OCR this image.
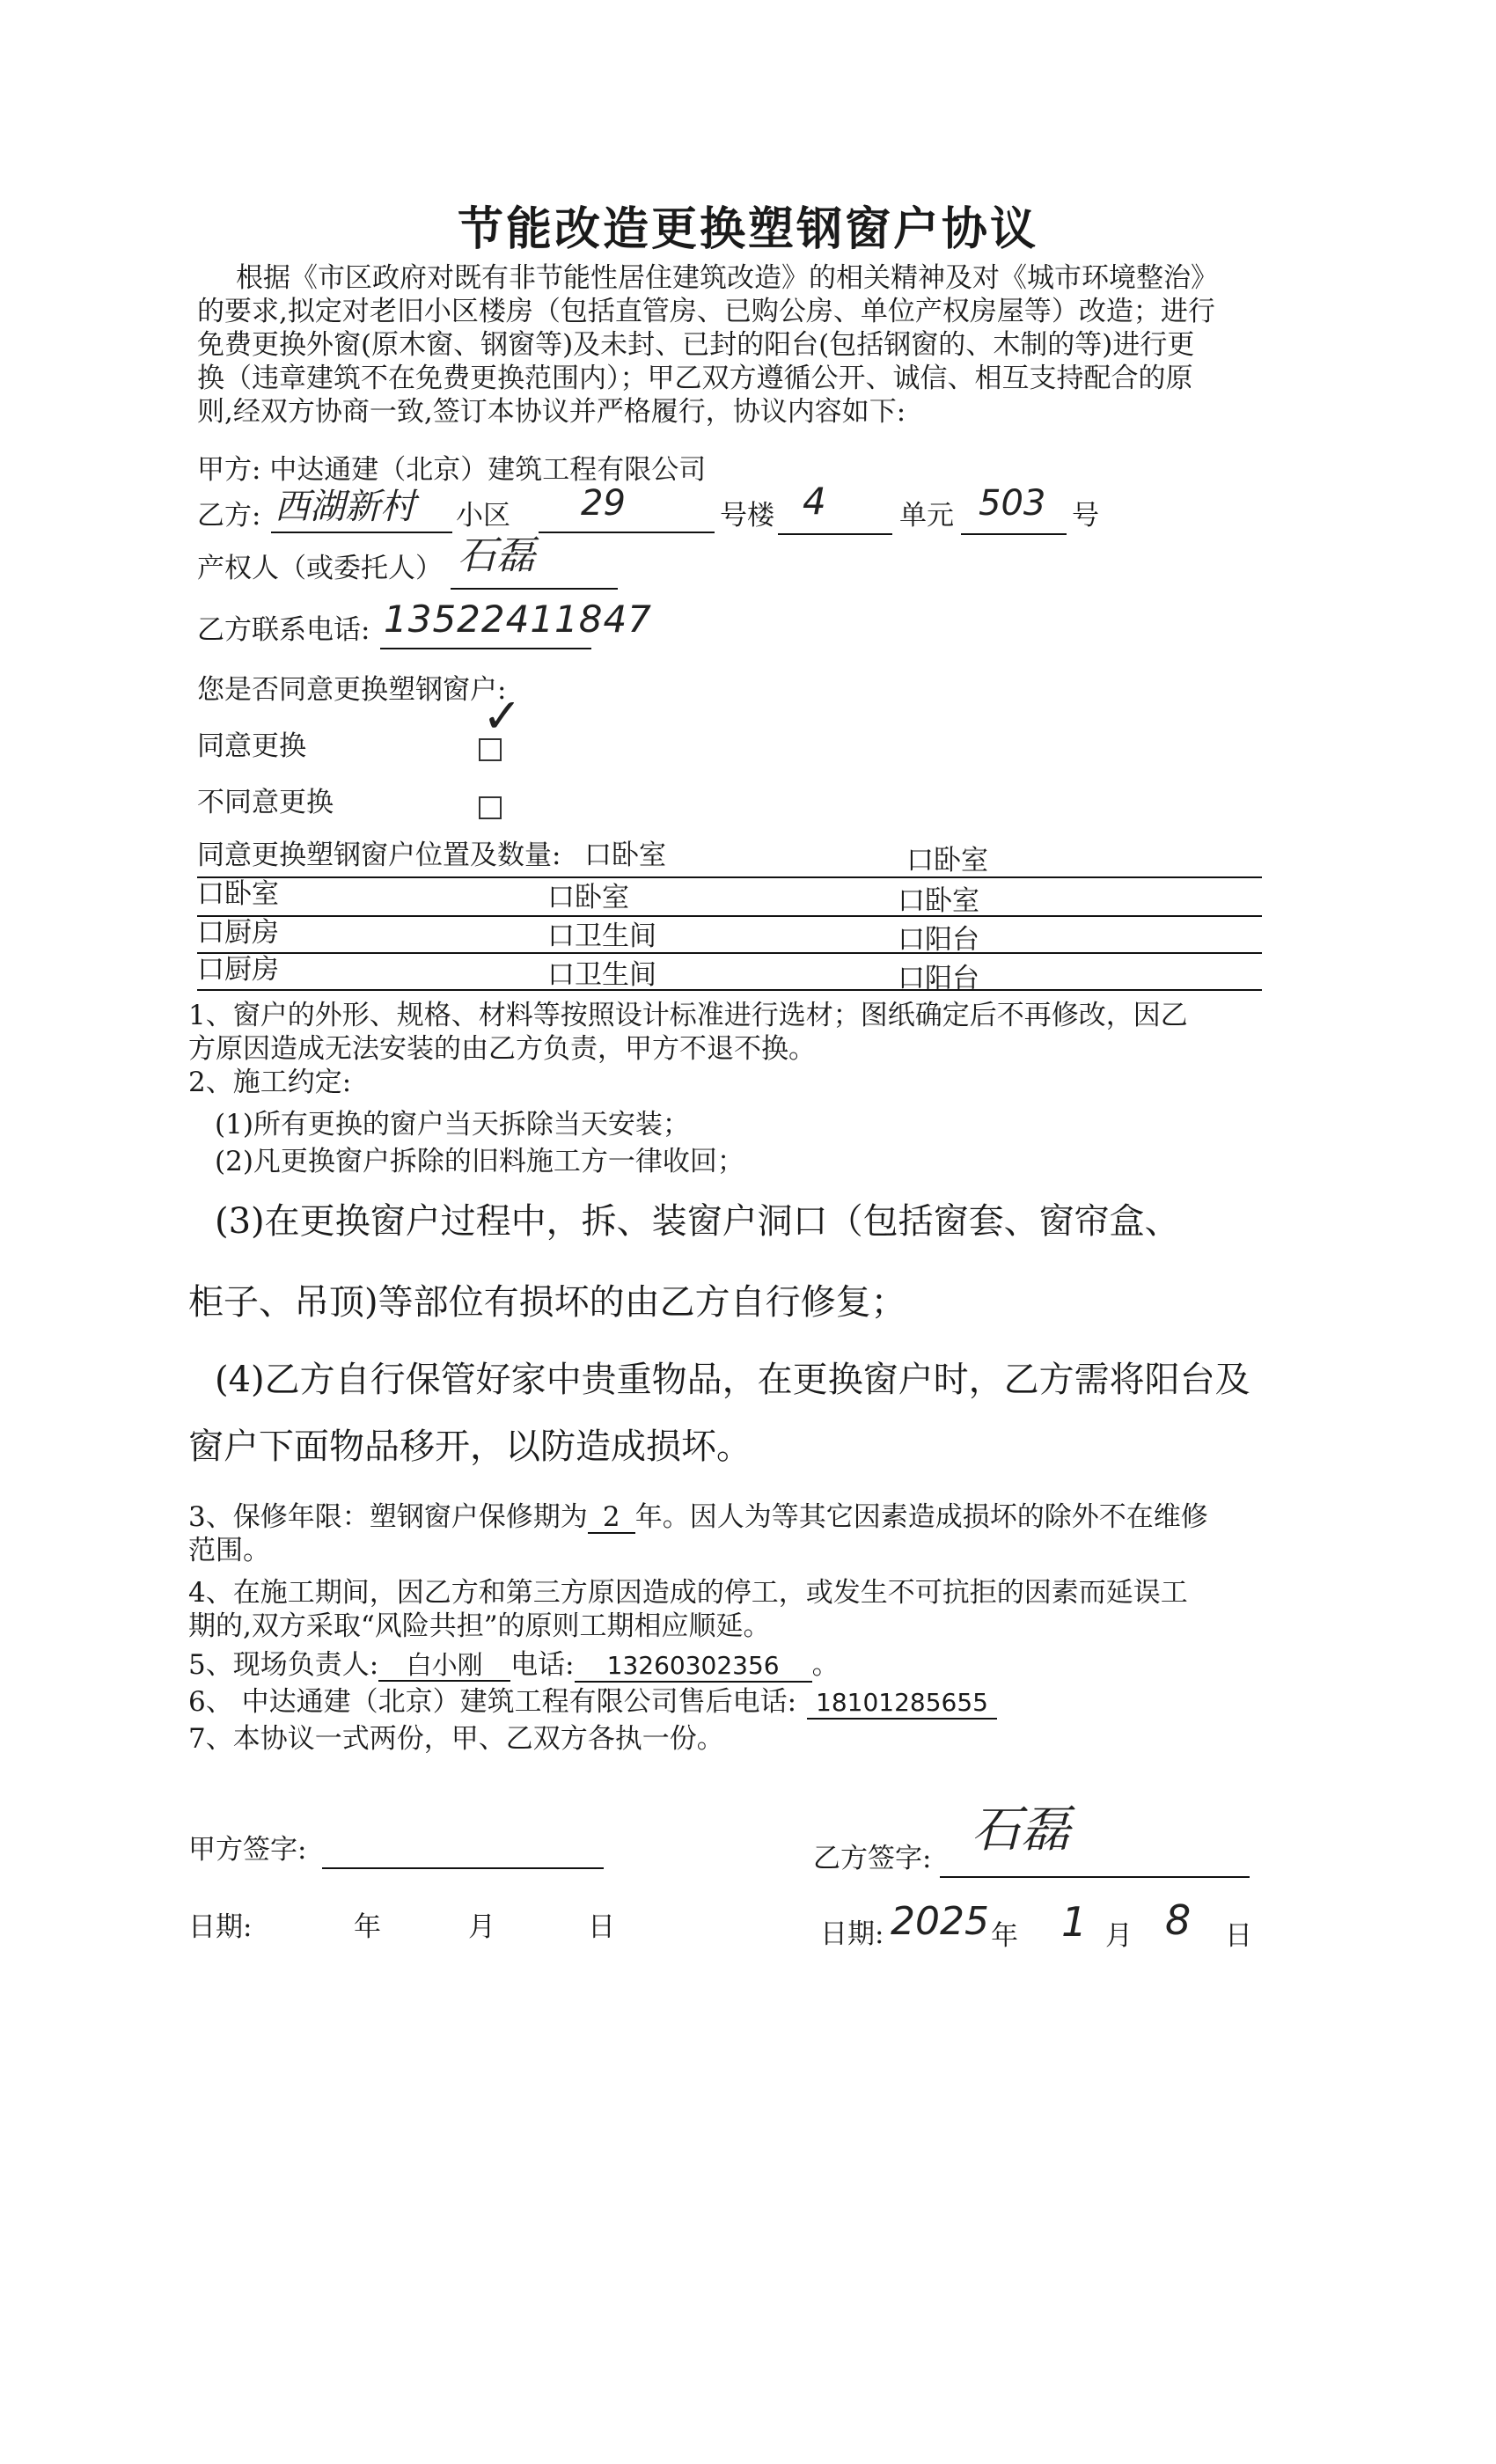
节能改造更换塑钢窗户协议
根据《市区政府对既有非节能性居住建筑改造》的相关精神及对《城市环境整治》
的要求,拟定对老旧小区楼房（包括直管房、已购公房、单位产权房屋等）改造；进行
免费更换外窗(原木窗、钢窗等)及未封、已封的阳台(包括钢窗的、木制的等)进行更
换（违章建筑不在免费更换范围内）；甲乙双方遵循公开、诚信、相互支持配合的原
则,经双方协商一致,签订本协议并严格履行，协议内容如下:
甲方: 中达通建（北京）建筑工程有限公司
乙方: 西湖新村 小区 29	号楼 4	单元 503 号
产权人（或委托人） 石磊
乙方联系电话: 13522411847
您是否同意更换塑钢窗户:
同意更换
✓
不同意更换
同意更换塑钢窗户位置及数量: 口卧室	口卧室
口卧室	口卧室	口卧室
口厨房	口卫生间	口阳台
口厨房	口卫生间	口阳台
1、窗户的外形、规格、材料等按照设计标准进行选材；图纸确定后不再修改，因乙
方原因造成无法安装的由乙方负责，甲方不退不换。
2、施工约定:
(1)所有更换的窗户当天拆除当天安装；
(2)凡更换窗户拆除的旧料施工方一律收回；
(3)在更换窗户过程中，拆、装窗户洞口（包括窗套、窗帘盒、
柜子、吊顶)等部位有损坏的由乙方自行修复；
(4)乙方自行保管好家中贵重物品，在更换窗户时，乙方需将阳台及
窗户下面物品移开，以防造成损坏。
3、保修年限：塑钢窗户保修期为 2 年。因人为等其它因素造成损坏的除外不在维修
范围。
4、在施工期间，因乙方和第三方原因造成的停工，或发生不可抗拒的因素而延误工
期的,双方采取“风险共担”的原则工期相应顺延。
5、现场负责人: 白小刚 电话: 13260302356 。
6、 中达通建（北京）建筑工程有限公司售后电话: 18101285655
7、本协议一式两份，甲、乙双方各执一份。
甲方签字:	乙方签字: 石磊
日期:	年	月	日	日期: 2025 年 1 月 8 日
